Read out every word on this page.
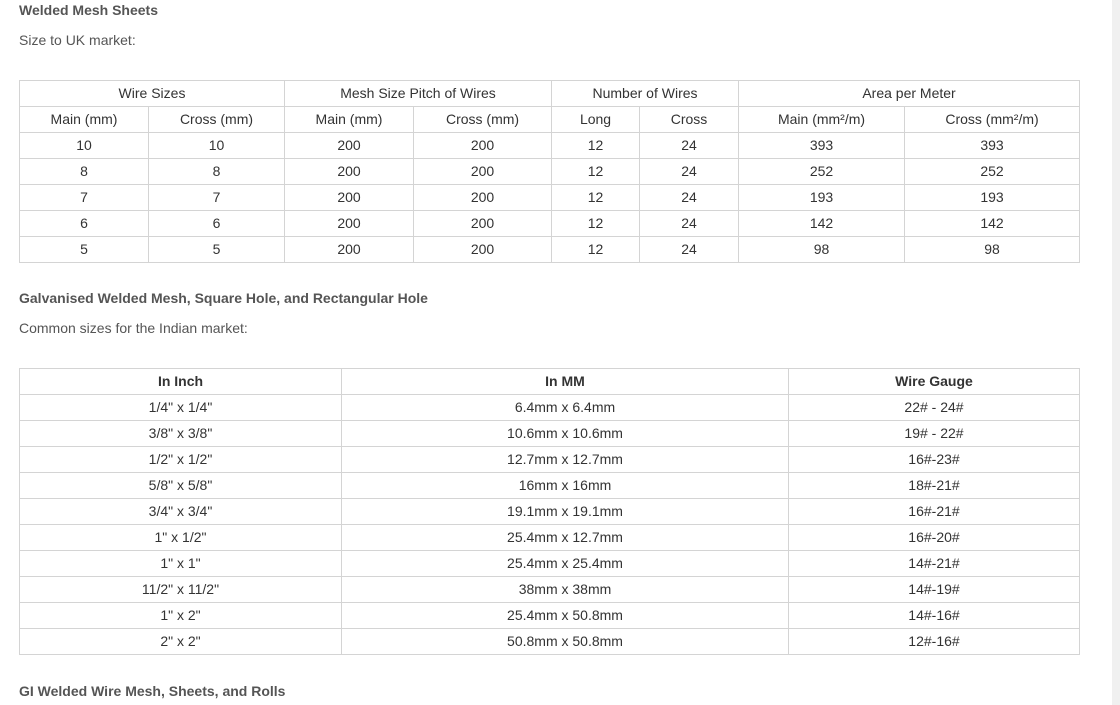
Welded Mesh Sheets

Size to UK market:

Wire Sizes		Mesh Size Pitch of Wires		Number of Wires		Area per Meter	
Main (mm)	Cross (mm)	Main (mm)	Cross (mm)	Long	Cross	Main (mm²/m)	Cross (mm²/m)
10	10	200	200	12	24	393	393
8	8	200	200	12	24	252	252
7	7	200	200	12	24	193	193
6	6	200	200	12	24	142	142
5	5	200	200	12	24	98	98
Galvanised Welded Mesh, Square Hole, and Rectangular Hole

Common sizes for the Indian market:

In Inch	In MM	Wire Gauge
1/4" x 1/4"	6.4mm x 6.4mm	22# - 24#
3/8" x 3/8"	10.6mm x 10.6mm	19# - 22#
1/2" x 1/2"	12.7mm x 12.7mm	16#-23#
5/8" x 5/8"	16mm x 16mm	18#-21#
3/4" x 3/4"	19.1mm x 19.1mm	16#-21#
1" x 1/2"	25.4mm x 12.7mm	16#-20#
1" x 1"	25.4mm x 25.4mm	14#-21#
11/2" x 11/2"	38mm x 38mm	14#-19#
1" x 2"	25.4mm x 50.8mm	14#-16#
2" x 2"	50.8mm x 50.8mm	12#-16#
GI Welded Wire Mesh, Sheets, and Rolls
